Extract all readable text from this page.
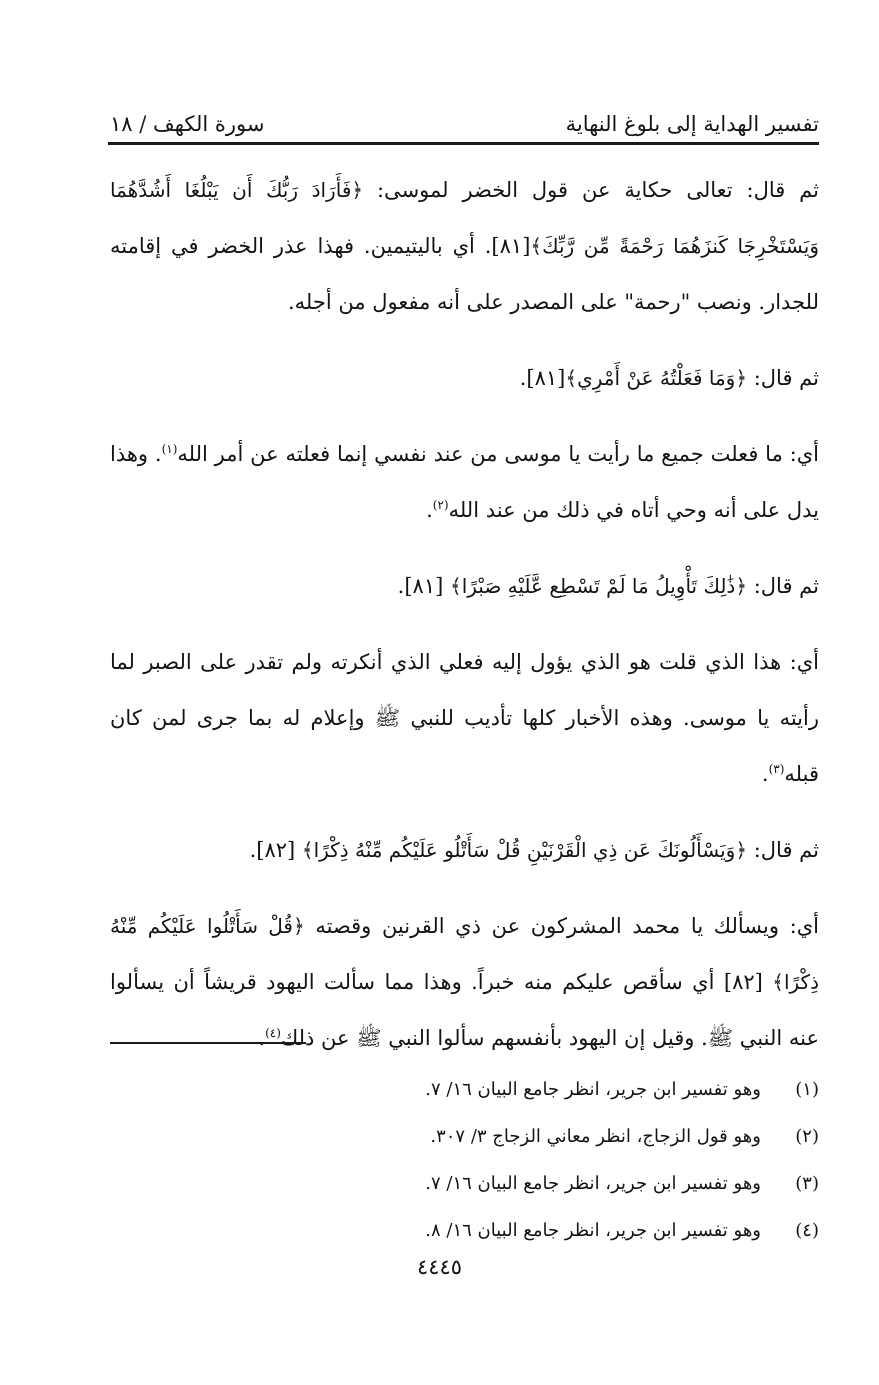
تفسير الهداية إلى بلوغ النهاية
سورة الكهف / ١٨

ثم قال: تعالى حكاية عن قول الخضر لموسى: ﴿فَأَرَادَ رَبُّكَ أَن يَبْلُغَا أَشُدَّهُمَا وَيَسْتَخْرِجَا كَنزَهُمَا رَحْمَةً مِّن رَّبِّكَ﴾[٨١]. أي باليتيمين. فهذا عذر الخضر في إقامته للجدار. ونصب "رحمة" على المصدر على أنه مفعول من أجله.

ثم قال: ﴿وَمَا فَعَلْتُهُ عَنْ أَمْرِي﴾[٨١].

أي: ما فعلت جميع ما رأيت يا موسى من عند نفسي إنما فعلته عن أمر الله$^{(١)}$. وهذا يدل على أنه وحي أتاه في ذلك من عند الله$^{(٢)}$.

ثم قال: ﴿ذَٰلِكَ تَأْوِيلُ مَا لَمْ تَسْطِع عَّلَيْهِ صَبْرًا﴾ [٨١].

أي: هذا الذي قلت هو الذي يؤول إليه فعلي الذي أنكرته ولم تقدر على الصبر لما رأيته يا موسى. وهذه الأخبار كلها تأديب للنبي ﷺ وإعلام له بما جرى لمن كان قبله$^{(٣)}$.

ثم قال: ﴿وَيَسْأَلُونَكَ عَن ذِي الْقَرْنَيْنِ قُلْ سَأَتْلُو عَلَيْكُم مِّنْهُ ذِكْرًا﴾ [٨٢].

أي: ويسألك يا محمد المشركون عن ذي القرنين وقصته ﴿قُلْ سَأَتْلُوا عَلَيْكُم مِّنْهُ ذِكْرًا﴾ [٨٢] أي سأقص عليكم منه خبراً. وهذا مما سألت اليهود قريشاً أن يسألوا عنه النبي ﷺ. وقيل إن اليهود بأنفسهم سألوا النبي ﷺ عن ذلك$^{(٤)}$.

(١)
وهو تفسير ابن جرير، انظر جامع البيان ١٦/ ٧.
(٢)
وهو قول الزجاج، انظر معاني الزجاج ٣/ ٣٠٧.
(٣)
وهو تفسير ابن جرير، انظر جامع البيان ١٦/ ٧.
(٤)
وهو تفسير ابن جرير، انظر جامع البيان ١٦/ ٨.
٤٤٤٥
